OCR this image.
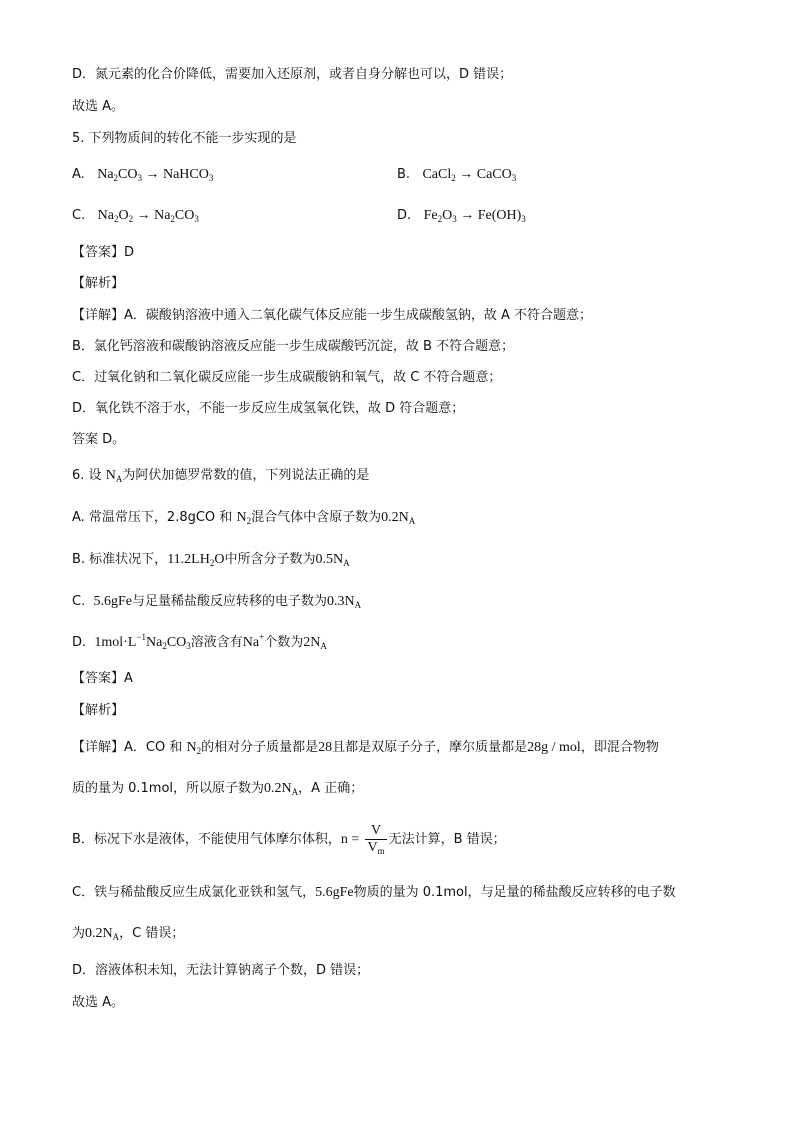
D．氮元素的化合价降低，需要加入还原剂，或者自身分解也可以，D 错误；
故选 A。
5. 下列物质间的转化不能一步实现的是
A. $Na_2CO_3$ → NaHCO$_3$	B. CaCl$_2$ → CaCO$_3$
C. $Na_2O_2 \to Na_2CO_3$	D. $Fe_2O_3 \to Fe(OH)_3$
【答案】D
【解析】
【详解】A．碳酸钠溶液中通入二氧化碳气体反应能一步生成碳酸氢钠，故 A 不符合题意；
B．氯化钙溶液和碳酸钠溶液反应能一步生成碳酸钙沉淀，故 B 不符合题意；
C．过氧化钠和二氧化碳反应能一步生成碳酸钠和氧气，故 C 不符合题意；
D．氧化铁不溶于水，不能一步反应生成氢氧化铁，故 D 符合题意；
答案 D。
6. 设 $N_A$为阿伏加德罗常数的值，下列说法正确的是
A. 常温常压下，2.8gCO 和 $N_2$混合气体中含原子数为$0.2N_A$
B. 标准状况下，$11.2LH_2O$中所含分子数为$0.5N_A$
C. 5.6gFe与足量稀盐酸反应转移的电子数为$0.3N_A$
D. $1mol\cdot L^{-1}Na_2CO_3$溶液含有Na+个数为$2N_A$
【答案】A
【解析】
【详解】A．CO 和 $N_2$的相对分子质量都是28且都是双原子分子，摩尔质量都是28g / mol，即混合物物
质的量为 0.1mol，所以原子数为$0.2N_A$，A 正确；
B．标况下水是液体，不能使用气体摩尔体积，$n = \frac{V}{V_m}$ 无法计算，B 错误；
C．铁与稀盐酸反应生成氯化亚铁和氢气，5.6gFe物质的量为 0.1mol，与足量的稀盐酸反应转移的电子数
为$0.2N_A$，C 错误；
D．溶液体积未知，无法计算钠离子个数，D 错误；
故选 A。
